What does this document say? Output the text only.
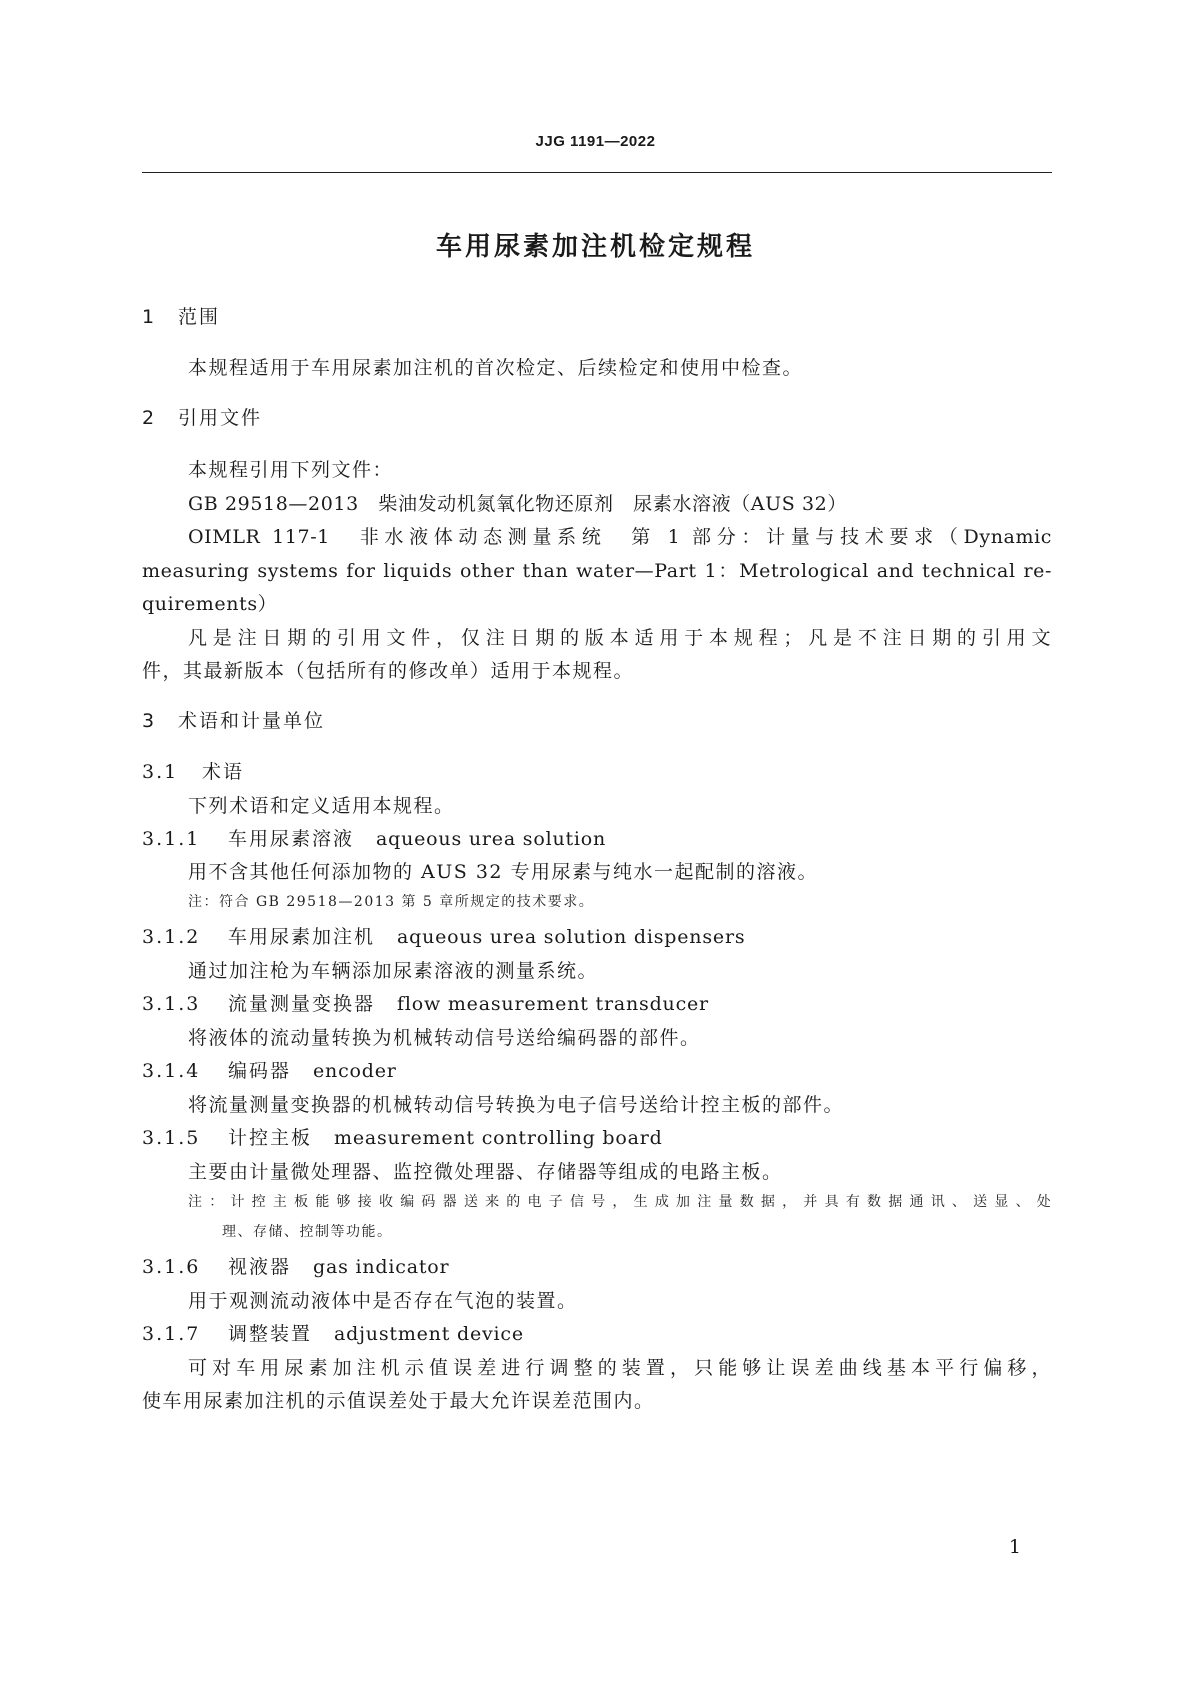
JJG 1191—2022
车用尿素加注机检定规程
1 范围
本规程适用于车用尿素加注机的首次检定、后续检定和使用中检查。
2 引用文件
本规程引用下列文件：
GB 29518—2013　柴油发动机氮氧化物还原剂　尿素水溶液（AUS 32）
OIMLR 117-1　非水液体动态测量系统　第 1 部分：计量与技术要求（Dynamic
measuring systems for liquids other than water—Part 1：Metrological and technical re-
quirements）
凡是注日期的引用文件，仅注日期的版本适用于本规程；凡是不注日期的引用文
件，其最新版本（包括所有的修改单）适用于本规程。
3 术语和计量单位
3.1 术语
下列术语和定义适用本规程。
3.1.1 车用尿素溶液 aqueous urea solution
用不含其他任何添加物的 AUS 32 专用尿素与纯水一起配制的溶液。
注：符合 GB 29518—2013 第 5 章所规定的技术要求。
3.1.2 车用尿素加注机 aqueous urea solution dispensers
通过加注枪为车辆添加尿素溶液的测量系统。
3.1.3 流量测量变换器 flow measurement transducer
将液体的流动量转换为机械转动信号送给编码器的部件。
3.1.4 编码器 encoder
将流量测量变换器的机械转动信号转换为电子信号送给计控主板的部件。
3.1.5 计控主板 measurement controlling board
主要由计量微处理器、监控微处理器、存储器等组成的电路主板。
注：计控主板能够接收编码器送来的电子信号，生成加注量数据，并具有数据通讯、送显、处
理、存储、控制等功能。
3.1.6 视液器 gas indicator
用于观测流动液体中是否存在气泡的装置。
3.1.7 调整装置 adjustment device
可对车用尿素加注机示值误差进行调整的装置，只能够让误差曲线基本平行偏移，
使车用尿素加注机的示值误差处于最大允许误差范围内。
1
